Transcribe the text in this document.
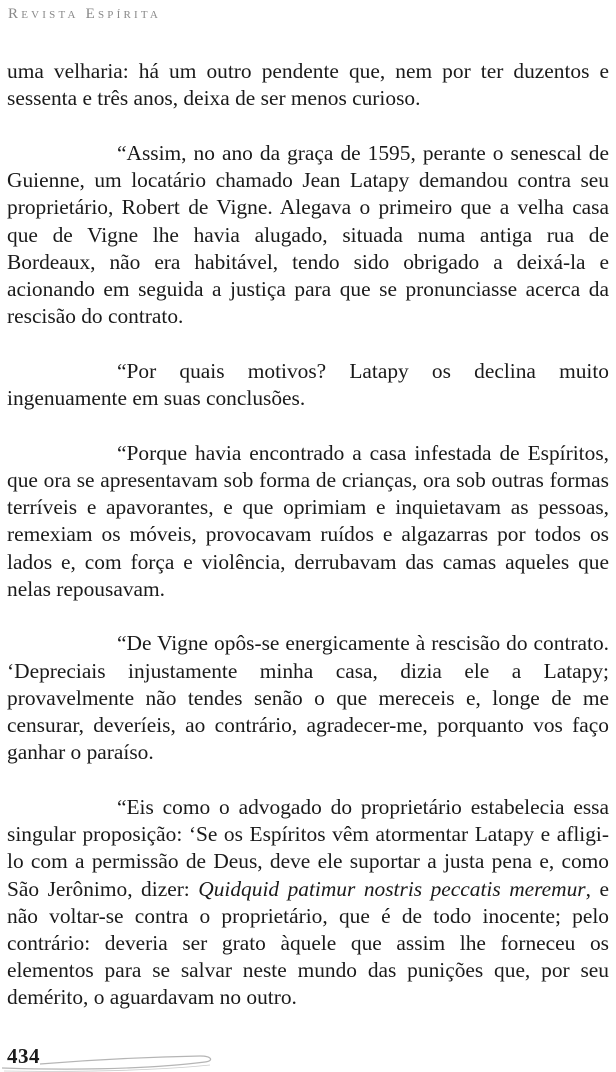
Revista Espírita

uma velharia: há um outro pendente que, nem por ter duzentos e sessenta e três anos, deixa de ser menos curioso.

“Assim, no ano da graça de 1595, perante o senescal de Guienne, um locatário chamado Jean Latapy demandou contra seu proprietário, Robert de Vigne. Alegava o primeiro que a velha casa que de Vigne lhe havia alugado, situada numa antiga rua de Bordeaux, não era habitável, tendo sido obrigado a deixá-la e acionando em seguida a justiça para que se pronunciasse acerca da rescisão do contrato.

“Por quais motivos? Latapy os declina muito ingenuamente em suas conclusões.

“Porque havia encontrado a casa infestada de Espíritos, que ora se apresentavam sob forma de crianças, ora sob outras formas terríveis e apavorantes, e que oprimiam e inquietavam as pessoas, remexiam os móveis, provocavam ruídos e algazarras por todos os lados e, com força e violência, derrubavam das camas aqueles que nelas repousavam.

“De Vigne opôs-se energicamente à rescisão do contrato. ‘Depreciais injustamente minha casa, dizia ele a Latapy; provavelmente não tendes senão o que mereceis e, longe de me censurar, deveríeis, ao contrário, agradecer-me, porquanto vos faço ganhar o paraíso.

“Eis como o advogado do proprietário estabelecia essa singular proposição: ‘Se os Espíritos vêm atormentar Latapy e afligi-lo com a permissão de Deus, deve ele suportar a justa pena e, como São Jerônimo, dizer: Quidquid patimur nostris peccatis meremur, e não voltar-se contra o proprietário, que é de todo inocente; pelo contrário: deveria ser grato àquele que assim lhe forneceu os elementos para se salvar neste mundo das punições que, por seu demérito, o aguardavam no outro.

434
